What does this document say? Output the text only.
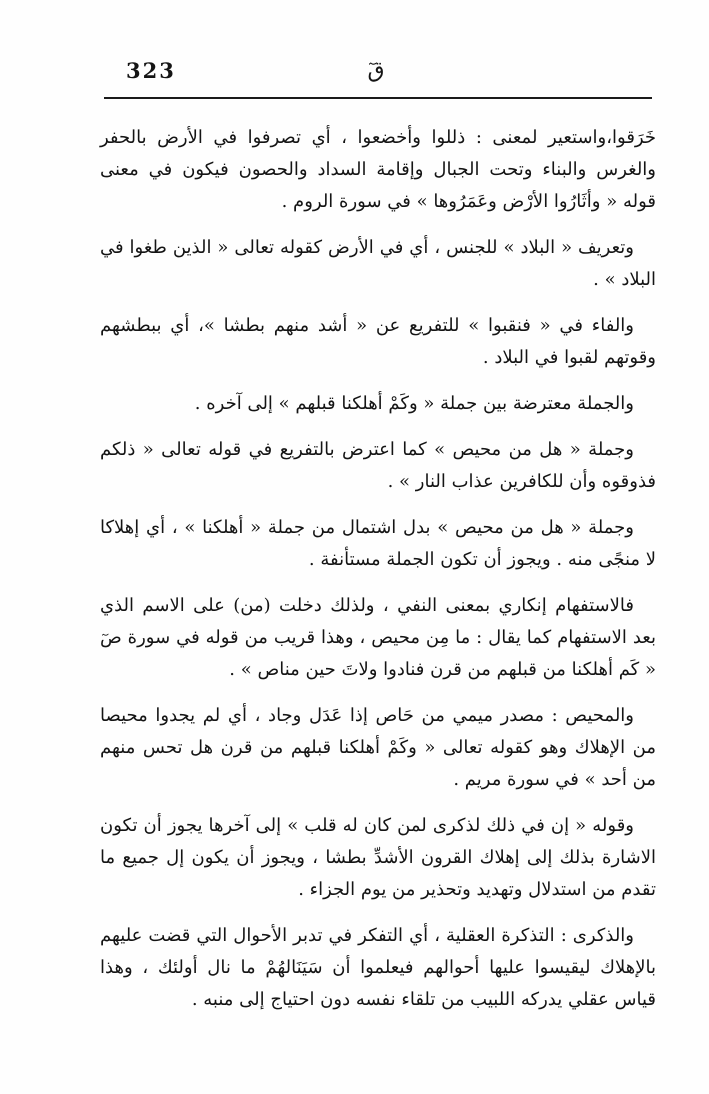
323	قٓ

خَرَقوا،واستعير لمعنى : ذللوا وأخضعوا ، أي تصرفوا في الأرض بالحفر والغرس والبناء وتحت الجبال وإقامة السداد والحصون فيكون في معنى قوله « وأثَارُوا الأرْض وعَمَرُوها » في سورة الروم .

وتعريف « البلاد » للجنس ، أي في الأرض كقوله تعالى « الذين طغوا في البلاد » .

والفاء في « فنقبوا » للتفريع عن « أشد منهم بطشا »، أي ببطشهم وقوتهم لقبوا في البلاد .

والجملة معترضة بين جملة « وكَمْ أهلكنا قبلهم » إلى آخره .

وجملة « هل من محيص » كما اعترض بالتفريع في قوله تعالى « ذلكم فذوقوه وأن للكافرين عذاب النار » .

وجملة « هل من محيص » بدل اشتمال من جملة « أهلكنا » ، أي إهلاكا لا منجًى منه . ويجوز أن تكون الجملة مستأنفة .

فالاستفهام إنكاري بمعنى النفي ، ولذلك دخلت (من) على الاسم الذي بعد الاستفهام كما يقال : ما مِن محيص ، وهذا قريب من قوله في سورة صٓ « كَم أهلكنا من قبلهم من قرن فنادوا ولاتَ حين مناص » .

والمحيص : مصدر ميمي من حَاص إذا عَدَل وجاد ، أي لم يجدوا محيصا من الإهلاك وهو كقوله تعالى « وكَمْ أهلكنا قبلهم من قرن هل تحس منهم من أحد » في سورة مريم .

وقوله « إن في ذلك لذكرى لمن كان له قلب » إلى آخرها يجوز أن تكون الاشارة بذلك إلى إهلاك القرون الأشدِّ بطشا ، ويجوز أن يكون إل جميع ما تقدم من استدلال وتهديد وتحذير من يوم الجزاء .

والذكرى : التذكرة العقلية ، أي التفكر في تدبر الأحوال التي قضت عليهم بالإهلاك ليقيسوا عليها أحوالهم فيعلموا أن سَيَنَالهُمْ ما نال أولئك ، وهذا قياس عقلي يدركه اللبيب من تلقاء نفسه دون احتياج إلى منبه .
